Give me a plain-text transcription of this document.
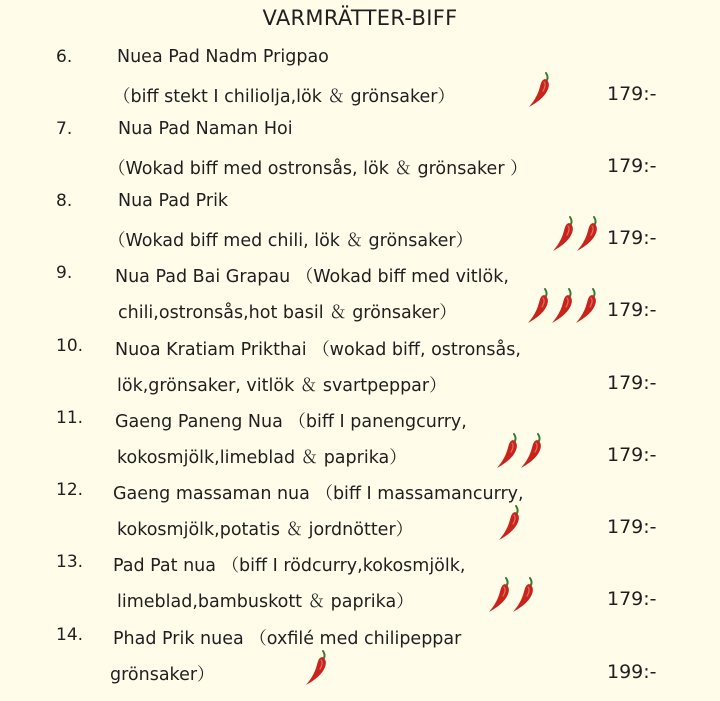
VARMRÄTTER-BIFF
6.	Nuea Pad Nadm Prigpao
（biff stekt I chiliolja,lök ＆ grönsaker）	179:-
7.	Nua Pad Naman Hoi
（Wokad biff med ostronsås, lök ＆ grönsaker ）	179:-
8.	Nua Pad Prik
（Wokad biff med chili, lök ＆ grönsaker）	179:-
9. Nua Pad Bai Grapau （Wokad biff med vitlök,
chili,ostronsås,hot basil ＆ grönsaker）	179:-
10. Nuoa Kratiam Prikthai （wokad biff, ostronsås,
lök,grönsaker, vitlök ＆ svartpeppar）	179:-
11. Gaeng Paneng Nua （biff I panengcurry,
kokosmjölk,limeblad ＆ paprika）	179:-
12. Gaeng massaman nua （biff I massamancurry,
kokosmjölk,potatis ＆ jordnötter）	179:-
13. Pad Pat nua （biff I rödcurry,kokosmjölk,
limeblad,bambuskott ＆ paprika）	179:-
14. Phad Prik nuea （oxfilé med chilipeppar
grönsaker）	199:-
